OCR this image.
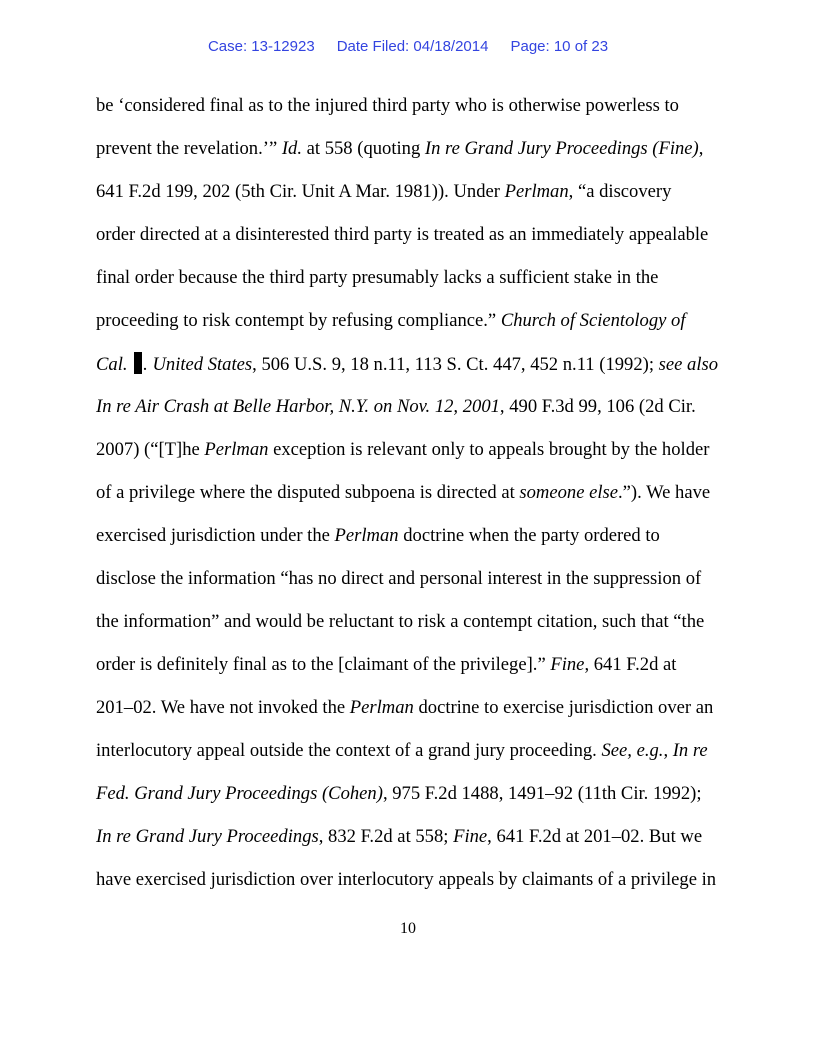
Case: 13-12923 Date Filed: 04/18/2014 Page: 10 of 23
be ‘considered final as to the injured third party who is otherwise powerless to
prevent the revelation.’” Id. at 558 (quoting In re Grand Jury Proceedings (Fine),
641 F.2d 199, 202 (5th Cir. Unit A Mar. 1981)). Under Perlman, “a discovery
order directed at a disinterested third party is treated as an immediately appealable
final order because the third party presumably lacks a sufficient stake in the
proceeding to risk contempt by refusing compliance.” Church of Scientology of
Cal. . United States, 506 U.S. 9, 18 n.11, 113 S. Ct. 447, 452 n.11 (1992); see also
In re Air Crash at Belle Harbor, N.Y. on Nov. 12, 2001, 490 F.3d 99, 106 (2d Cir.
2007) (“[T]he Perlman exception is relevant only to appeals brought by the holder
of a privilege where the disputed subpoena is directed at someone else.”). We have
exercised jurisdiction under the Perlman doctrine when the party ordered to
disclose the information “has no direct and personal interest in the suppression of
the information” and would be reluctant to risk a contempt citation, such that “the
order is definitely final as to the [claimant of the privilege].” Fine, 641 F.2d at
201–02. We have not invoked the Perlman doctrine to exercise jurisdiction over an
interlocutory appeal outside the context of a grand jury proceeding. See, e.g., In re
Fed. Grand Jury Proceedings (Cohen), 975 F.2d 1488, 1491–92 (11th Cir. 1992);
In re Grand Jury Proceedings, 832 F.2d at 558; Fine, 641 F.2d at 201–02. But we
have exercised jurisdiction over interlocutory appeals by claimants of a privilege in
10
